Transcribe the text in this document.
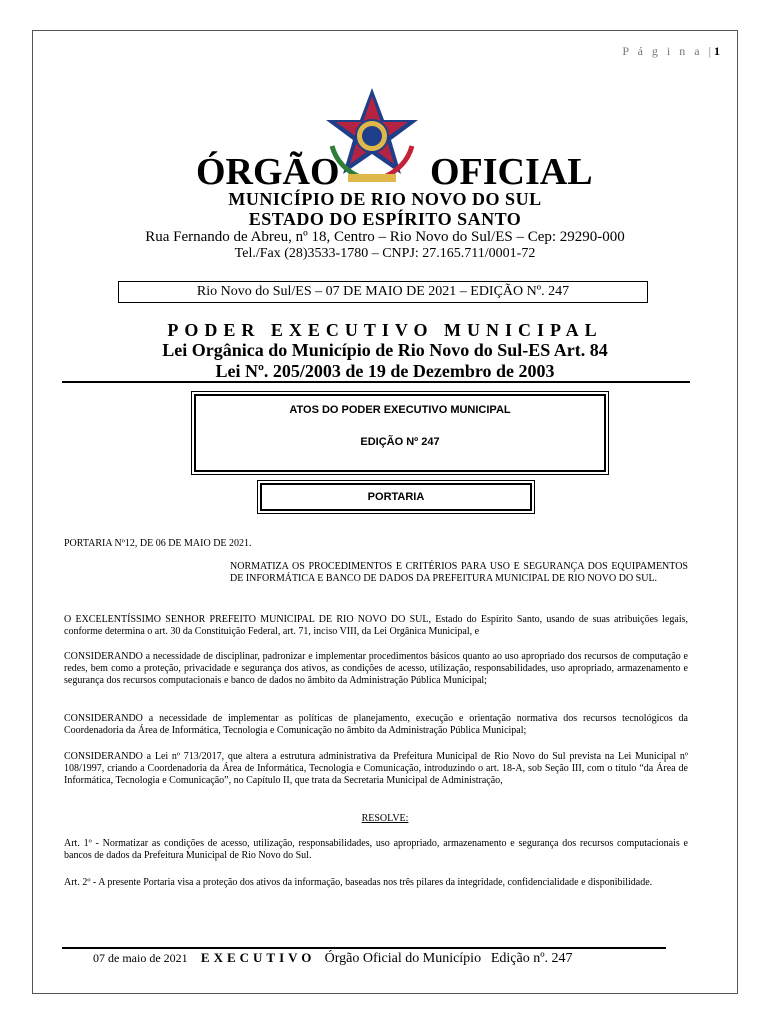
P á g i n a |1
ÓRGÃO OFICIAL
MUNICÍPIO DE RIO NOVO DO SUL
ESTADO DO ESPÍRITO SANTO
Rua Fernando de Abreu, nº 18, Centro – Rio Novo do Sul/ES – Cep: 29290-000
Tel./Fax (28)3533-1780 – CNPJ: 27.165.711/0001-72
Rio Novo do Sul/ES – 07 DE MAIO DE 2021 – EDIÇÃO Nº. 247
PODER EXECUTIVO MUNICIPAL
Lei Orgânica do Município de Rio Novo do Sul-ES Art. 84
Lei Nº. 205/2003 de 19 de Dezembro de 2003
ATOS DO PODER EXECUTIVO MUNICIPAL
EDIÇÃO Nº 247
PORTARIA
PORTARIA Nº12, DE 06 DE MAIO DE 2021.
NORMATIZA OS PROCEDIMENTOS E CRITÉRIOS PARA USO E SEGURANÇA DOS EQUIPAMENTOS DE INFORMÁTICA E BANCO DE DADOS DA PREFEITURA MUNICIPAL DE RIO NOVO DO SUL.
O EXCELENTÍSSIMO SENHOR PREFEITO MUNICIPAL DE RIO NOVO DO SUL, Estado do Espírito Santo, usando de suas atribuições legais, conforme determina o art. 30 da Constituição Federal, art. 71, inciso VIII, da Lei Orgânica Municipal, e
CONSIDERANDO a necessidade de disciplinar, padronizar e implementar procedimentos básicos quanto ao uso apropriado dos recursos de computação e redes, bem como a proteção, privacidade e segurança dos ativos, as condições de acesso, utilização, responsabilidades, uso apropriado, armazenamento e segurança dos recursos computacionais e banco de dados no âmbito da Administração Pública Municipal;
CONSIDERANDO a necessidade de implementar as políticas de planejamento, execução e orientação normativa dos recursos tecnológicos da Coordenadoria da Área de Informática, Tecnologia e Comunicação no âmbito da Administração Pública Municipal;
CONSIDERANDO a Lei nº 713/2017, que altera a estrutura administrativa da Prefeitura Municipal de Rio Novo do Sul prevista na Lei Municipal nº 108/1997, criando a Coordenadoria da Área de Informática, Tecnologia e Comunicação, introduzindo o art. 18-A, sob Seção III, com o título “da Área de Informática, Tecnologia e Comunicação”, no Capítulo II, que trata da Secretaria Municipal de Administração,
RESOLVE:
Art. 1º - Normatizar as condições de acesso, utilização, responsabilidades, uso apropriado, armazenamento e segurança dos recursos computacionais e bancos de dados da Prefeitura Municipal de Rio Novo do Sul.
Art. 2º - A presente Portaria visa a proteção dos ativos da informação, baseadas nos três pilares da integridade, confidencialidade e disponibilidade.
07 de maio de 2021 EXECUTIVO Órgão Oficial do Município Edição nº. 247
